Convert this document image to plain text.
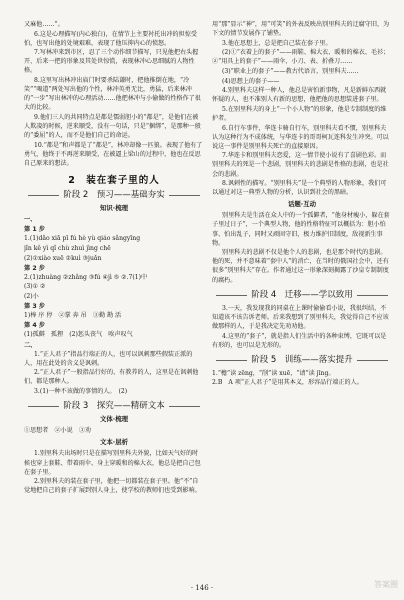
又麻他……”。

6.这是心理描写(内心独白)，在情节上主要衬托出冲的担惊受怕，也写出他的处境艰难，表现了他压抑内心的愤怒。

7.写林冲来到市区，忍了三个动作细节描写，只见他把右头握开，后来一把的形象及其处世惊慌，表现林冲心思细腻的人物性格。

8.这里写出林冲出庙门时要杀陆谦时，把他推倒在地，“冷笑”“喝道”两处写出他的个性，林冲英勇无比，勇猛，后来林冲的“一步”写出林冲的心理活动……他把林冲与小偷做的性格作了很大的比较。

9.他们三人的共同特点是都是懦弱胆小的“都是”，是他们在被人欺凌的时候，逆来顺受，没有一句话，只是“捆绑”，是那种一般的“委屈”的人，而不是他们自己的命运。

10.“都是”和声都是了“都是”，林冲却像一匹狼。表现了他有了勇气，他终于不再逆来顺受，在被逼上梁山的过程中，他也在反思自己原来的想法。

2　装在套子里的人
阶段 2　预习——基础夯实
知识·梳理
一、
第 1 步

1.(1)dǎo xiā pī fú hè yù qiáo sǎngyīng

jǐn kě yì qǐ chù zhuì jìng chē

(2)①xiào xuē ②kuì ③juǎn

第 2 步

2.(1)zhuàng ②zhǎng ③fú ④jì ⑤ ②.7(1)中

(3)① ②

(2)小

第 3 步

1)棒 序 停　②掌 奔 吊　③勤 勘 活

第 4 步

(1)孤僻　孤狸　(2)惩头丧气　唉声叹气

二、

1.“正人君子”指品行端正的人，也可以讽刺那些假装正派的人，用在此处的含义是讽刺。

2.“正人君子”一般指品行好的、有教养的人，这里是在讽刺他们，都是那种人。

3.(1)一种不该做的事情的人。　(2)

阶段 3　探究——精研文本
文体·梳理

①思想者　②小说　③劝

文本·层析

1.别里科夫出场时只是在描写别里科夫外貌，比如天气好的时候也穿上套鞋、带着雨伞、身上穿暖和的棉大衣，他总是把自己包在套子里。

2.别里科夫的装在套子里，他把一切都装在套子里。他“不”自觉地把自己的套子扩展到别人身上，使学校的教师们也受到影响。

用“那”显示“神”，用“可笑”的外表反映出别里科夫的迂腐守旧，为下文的情节发展作了铺垫。

3.他在思想上，总是把自己装在套子里。

(2)①“衣着上的套子”——雨鞋、棉大衣、暖和的棉衣、毛衫；②“用具上的套子”——雨伞、小刀、表、折叠刀……

(3)“职业上的套子”——教古代语言，别里科夫……

(4)思想上的套子——

4.别里科夫这样一种人，他总是害怕新事物，凡是新鲜东西就怀疑的人，也不准别人有新的思想，他把他的思想装进套子里。

5.在别里科夫的身上“一个小人物”的形象，他是专制制度的维护者。

6.自行车事件，华连卡骑自行车，别里科夫看不惯，别里科夫认为这种行为不成体统，与华连卡的哥哥柯瓦连科发生冲突。可以说这一事件是别里科夫死亡的直接原因。

7.华连卡和别里科夫恋爱，这一情节使小说有了喜剧色彩。而别里科夫的死是一个悲剧，别里科夫的悲剧是性格的悲剧，也是社会的悲剧。

8.讽刺性的描写。“别里科夫”是一个典型的人物形象，我们可以通过对这一典型人物的分析，认识到社会的黑暗。

话题·互动

别里科夫是生活在众人中的一个孤僻者，“他身材瘦小，躲在套子里过日子”，一个典型人物，他的性格特征可以概括为：胆小怕事、怕出乱子，同时又顽固守旧，极力维护旧制度，敌视新生事物。

别里科夫的悲剧不仅是他个人的悲剧，也是那个时代的悲剧。他的死，并不意味着“套中人”的消亡，在当时的俄国社会中，还有很多“别里科夫”存在。作者通过这一形象深刻揭露了沙皇专制制度的腐朽。

阶段 4　迁移——学以致用

3.一天，我发现我的同桌在上课时偷偷看小说，我很纠结，不知道该不该告诉老师。后来我想到了别里科夫，我觉得自己不应该做那样的人，于是我决定先劝劝他。

4.这里的“套子”，就是指人们生活中的各种束缚，它既可以是有形的，也可以是无形的。

阶段 5　训练——落实提升

1.“檐”读 zēng，“削”读 xuē，“请”读 jīng。

2.B　A 项“正人君子”是用其本义，形容品行端正的人。

· 146 ·	答案圈
